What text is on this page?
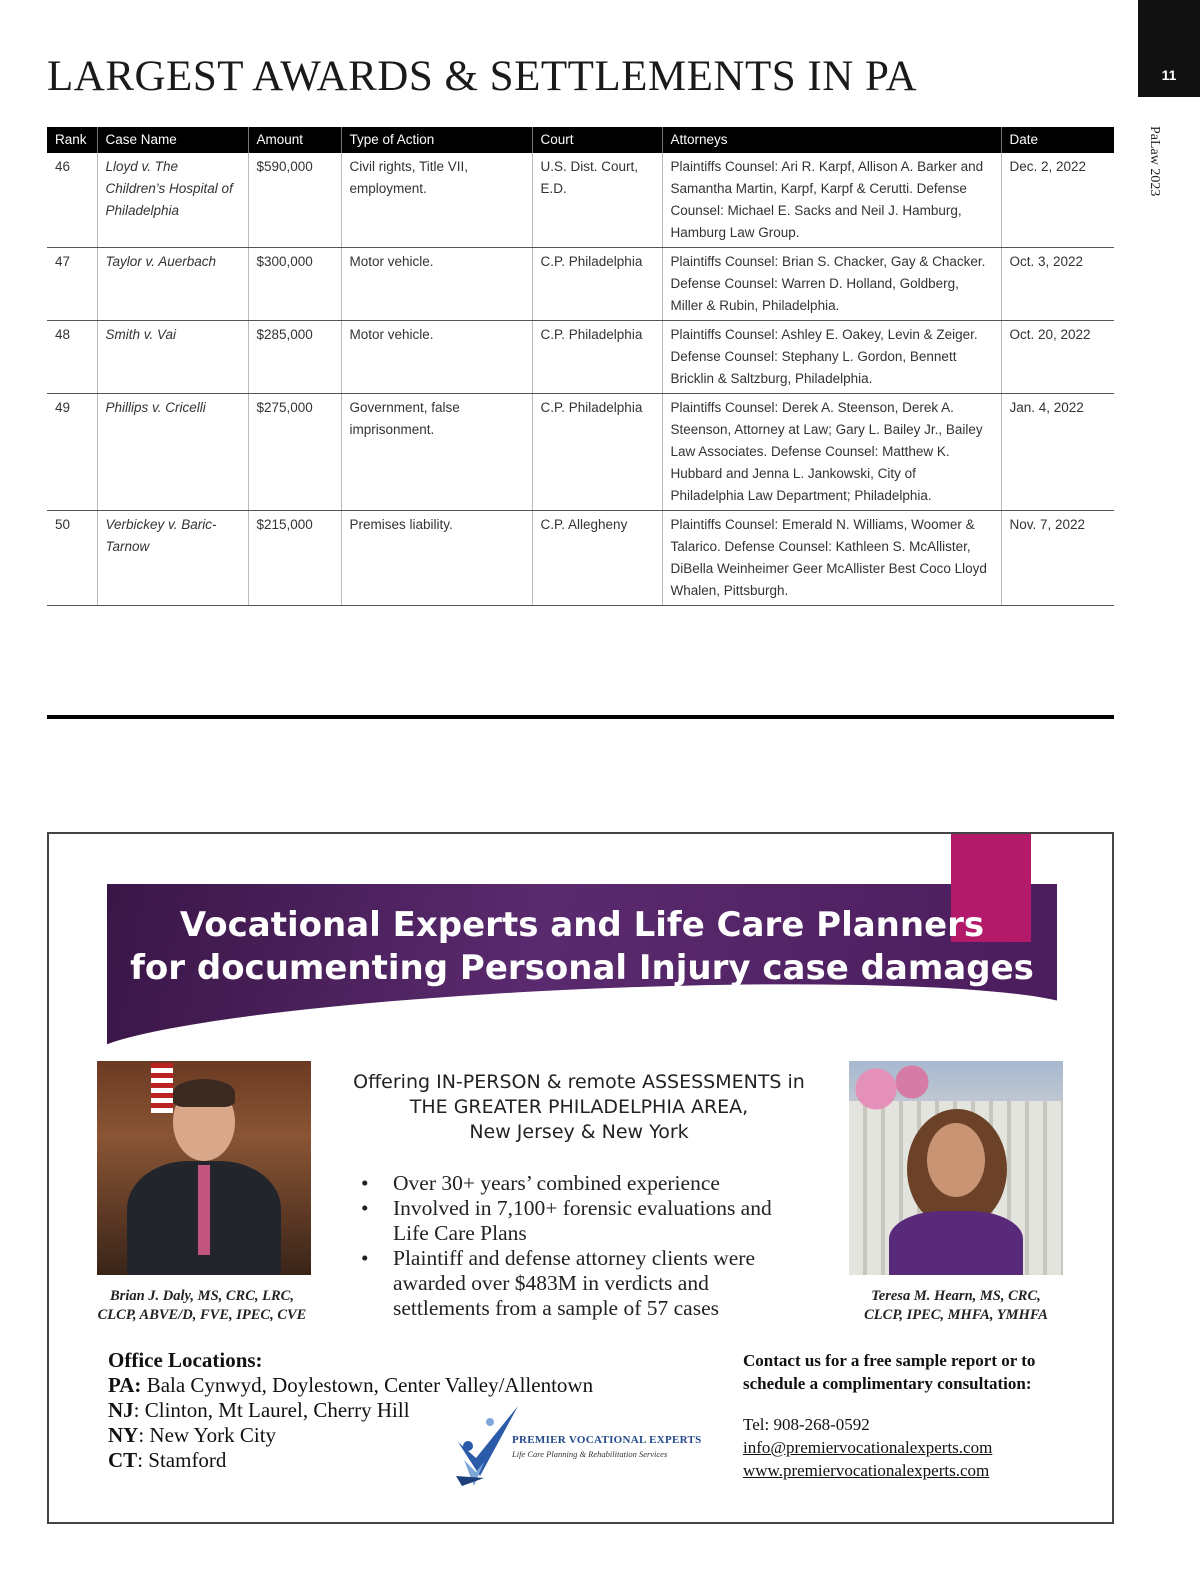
LARGEST AWARDS & SETTLEMENTS IN PA	11
PaLaw 2023
Rank	Case Name	Amount	Type of Action	Court	Attorneys	Date
46	Lloyd v. The Children’s Hospital of Philadelphia	$590,000	Civil rights, Title VII, employment.	U.S. Dist. Court, E.D.	Plaintiffs Counsel: Ari R. Karpf, Allison A. Barker and Samantha Martin, Karpf, Karpf & Cerutti. Defense Counsel: Michael E. Sacks and Neil J. Hamburg, Hamburg Law Group.	Dec. 2, 2022
47	Taylor v. Auerbach	$300,000	Motor vehicle.	C.P. Philadelphia	Plaintiffs Counsel: Brian S. Chacker, Gay & Chacker. Defense Counsel: Warren D. Holland, Goldberg, Miller & Rubin, Philadelphia.	Oct. 3, 2022
48	Smith v. Vai	$285,000	Motor vehicle.	C.P. Philadelphia	Plaintiffs Counsel: Ashley E. Oakey, Levin & Zeiger. Defense Counsel: Stephany L. Gordon, Bennett Bricklin & Saltzburg, Philadelphia.	Oct. 20, 2022
49	Phillips v. Cricelli	$275,000	Government, false imprisonment.	C.P. Philadelphia	Plaintiffs Counsel: Derek A. Steenson, Derek A. Steenson, Attorney at Law; Gary L. Bailey Jr., Bailey Law Associates. Defense Counsel: Matthew K. Hubbard and Jenna L. Jankowski, City of Philadelphia Law Department; Philadelphia.	Jan. 4, 2022
50	Verbickey v. Baric-Tarnow	$215,000	Premises liability.	C.P. Allegheny	Plaintiffs Counsel: Emerald N. Williams, Woomer & Talarico. Defense Counsel: Kathleen S. McAllister, DiBella Weinheimer Geer McAllister Best Coco Lloyd Whalen, Pittsburgh.	Nov. 7, 2022
Vocational Experts and Life Care Planners
for documenting Personal Injury case damages
Brian J. Daly, MS, CRC, LRC,
CLCP, ABVE/D, FVE, IPEC, CVE
Offering IN-PERSON & remote ASSESSMENTS in
THE GREATER PHILADELPHIA AREA,
New Jersey & New York
• Over 30+ years’ combined experience
• Involved in 7,100+ forensic evaluations and Life Care Plans
• Plaintiff and defense attorney clients were awarded over $483M in verdicts and settlements from a sample of 57 cases	Teresa M. Hearn, MS, CRC,
CLCP, IPEC, MHFA, YMHFA
Office Locations:
PA: Bala Cynwyd, Doylestown, Center Valley/Allentown
NJ: Clinton, Mt Laurel, Cherry Hill
NY: New York City
CT: Stamford
PREMIER VOCATIONAL EXPERTS
Life Care Planning & Rehabilitation Services
Contact us for a free sample report or to
schedule a complimentary consultation:
Tel: 908-268-0592
info@premiervocationalexperts.com
www.premiervocationalexperts.com
